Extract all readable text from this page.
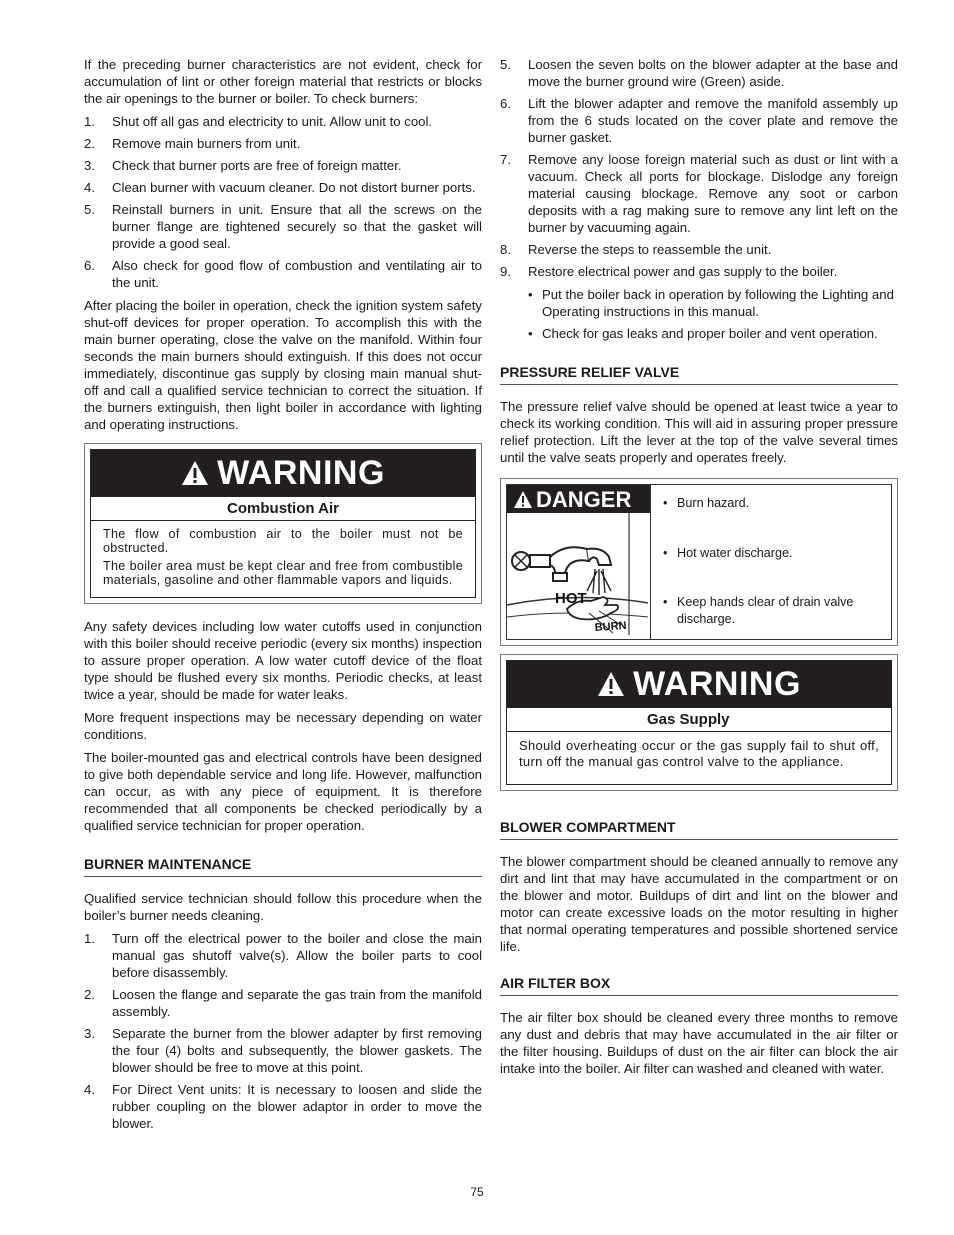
If the preceding burner characteristics are not evident, check for accumulation of lint or other foreign material that restricts or blocks the air openings to the burner or boiler. To check burners:

1. Shut off all gas and electricity to unit. Allow unit to cool.
2. Remove main burners from unit.
3. Check that burner ports are free of foreign matter.
4. Clean burner with vacuum cleaner. Do not distort burner ports.
5. Reinstall burners in unit. Ensure that all the screws on the burner flange are tightened securely so that the gasket will provide a good seal.
6. Also check for good flow of combustion and ventilating air to the unit.

After placing the boiler in operation, check the ignition system safety shut-off devices for proper operation. To accomplish this with the main burner operating, close the valve on the manifold. Within four seconds the main burners should extinguish. If this does not occur immediately, discontinue gas supply by closing main manual shut-off and call a qualified service technician to correct the situation. If the burners extinguish, then light boiler in accordance with lighting and operating instructions.

WARNING
Combustion Air

The flow of combustion air to the boiler must not be obstructed.

The boiler area must be kept clear and free from combustible materials, gasoline and other flammable vapors and liquids.

Any safety devices including low water cutoffs used in conjunction with this boiler should receive periodic (every six months) inspection to assure proper operation. A low water cutoff device of the float type should be flushed every six months. Periodic checks, at least twice a year, should be made for water leaks.

More frequent inspections may be necessary depending on water conditions.

The boiler-mounted gas and electrical controls have been designed to give both dependable service and long life. However, malfunction can occur, as with any piece of equipment. It is therefore recommended that all components be checked periodically by a qualified service technician for proper operation.

BURNER MAINTENANCE

Qualified service technician should follow this procedure when the boiler’s burner needs cleaning.

1. Turn off the electrical power to the boiler and close the main manual gas shutoff valve(s). Allow the boiler parts to cool before disassembly.
2. Loosen the flange and separate the gas train from the manifold assembly.
3. Separate the burner from the blower adapter by first removing the four (4) bolts and subsequently, the blower gaskets. The blower should be free to move at this point.
4. For Direct Vent units: It is necessary to loosen and slide the rubber coupling on the blower adaptor in order to move the blower.
5. Loosen the seven bolts on the blower adapter at the base and move the burner ground wire (Green) aside.
6. Lift the blower adapter and remove the manifold assembly up from the 6 studs located on the cover plate and remove the burner gasket.
7. Remove any loose foreign material such as dust or lint with a vacuum. Check all ports for blockage. Dislodge any foreign material causing blockage. Remove any soot or carbon deposits with a rag making sure to remove any lint left on the burner by vacuuming again.
8. Reverse the steps to reassemble the unit.
9. Restore electrical power and gas supply to the boiler.
• Put the boiler back in operation by following the Lighting and Operating instructions in this manual.
• Check for gas leaks and proper boiler and vent operation.
PRESSURE RELIEF VALVE

The pressure relief valve should be opened at least twice a year to check its working condition. This will aid in assuring proper pressure relief protection. Lift the lever at the top of the valve several times until the valve seats properly and operates freely.

DANGER
HOT
BURN
• Burn hazard.
• Hot water discharge.
• Keep hands clear of drain valve discharge.
WARNING
Gas Supply

Should overheating occur or the gas supply fail to shut off, turn off the manual gas control valve to the appliance.

BLOWER COMPARTMENT

The blower compartment should be cleaned annually to remove any dirt and lint that may have accumulated in the compartment or on the blower and motor. Buildups of dirt and lint on the blower and motor can create excessive loads on the motor resulting in higher that normal operating temperatures and possible shortened service life.

AIR FILTER BOX

The air filter box should be cleaned every three months to remove any dust and debris that may have accumulated in the air filter or the filter housing. Buildups of dust on the air filter can block the air intake into the boiler. Air filter can washed and cleaned with water.

75
